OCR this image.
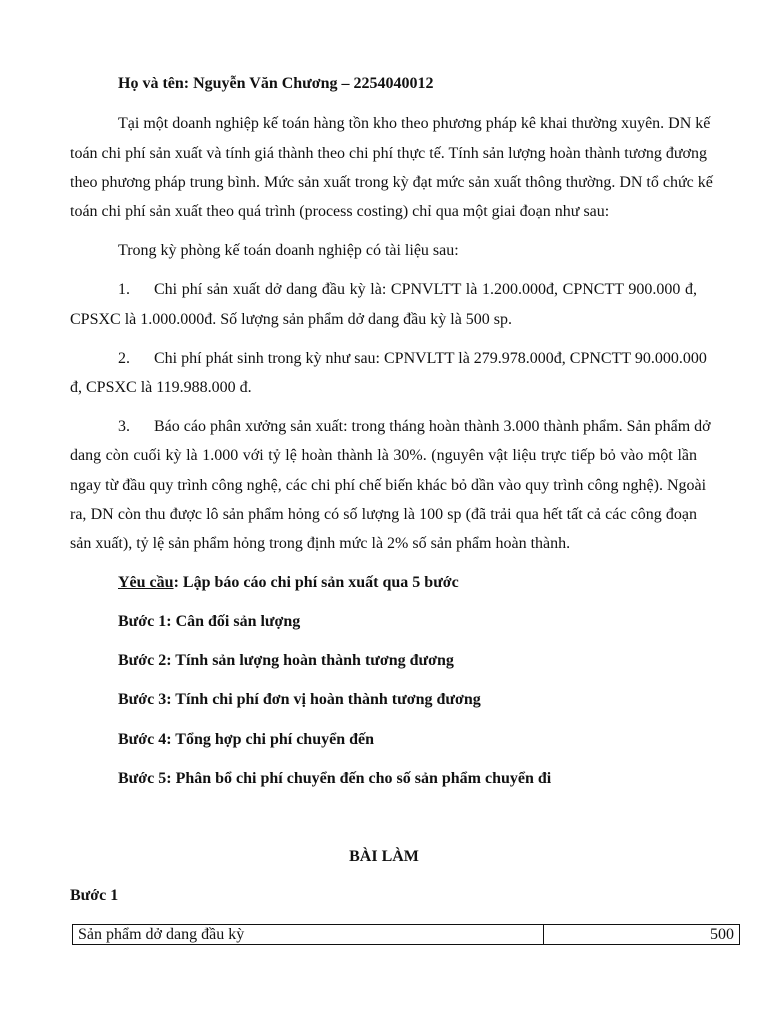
Họ và tên: Nguyễn Văn Chương – 2254040012
Tại một doanh nghiệp kế toán hàng tồn kho theo phương pháp kê khai thường xuyên. DN kế
toán chi phí sản xuất và tính giá thành theo chi phí thực tế. Tính sản lượng hoàn thành tương đương
theo phương pháp trung bình. Mức sản xuất trong kỳ đạt mức sản xuất thông thường. DN tổ chức kế
toán chi phí sản xuất theo quá trình (process costing) chỉ qua một giai đoạn như sau:
Trong kỳ phòng kế toán doanh nghiệp có tài liệu sau:
1. Chi phí sản xuất dở dang đầu kỳ là: CPNVLTT là 1.200.000đ, CPNCTT 900.000 đ,
CPSXC là 1.000.000đ. Số lượng sản phẩm dở dang đầu kỳ là 500 sp.
2. Chi phí phát sinh trong kỳ như sau: CPNVLTT là 279.978.000đ, CPNCTT 90.000.000
đ, CPSXC là 119.988.000 đ.
3. Báo cáo phân xưởng sản xuất: trong tháng hoàn thành 3.000 thành phẩm. Sản phẩm dở
dang còn cuối kỳ là 1.000 với tỷ lệ hoàn thành là 30%. (nguyên vật liệu trực tiếp bỏ vào một lần
ngay từ đầu quy trình công nghệ, các chi phí chế biến khác bỏ dần vào quy trình công nghệ). Ngoài
ra, DN còn thu được lô sản phẩm hỏng có số lượng là 100 sp (đã trải qua hết tất cả các công đoạn
sản xuất), tỷ lệ sản phẩm hỏng trong định mức là 2% số sản phẩm hoàn thành.
Yêu cầu: Lập báo cáo chi phí sản xuất qua 5 bước
Bước 1: Cân đối sản lượng
Bước 2: Tính sản lượng hoàn thành tương đương
Bước 3: Tính chi phí đơn vị hoàn thành tương đương
Bước 4: Tổng hợp chi phí chuyển đến
Bước 5: Phân bổ chi phí chuyển đến cho số sản phẩm chuyển đi
BÀI LÀM
Bước 1
Sản phẩm dở dang đầu kỳ	500
